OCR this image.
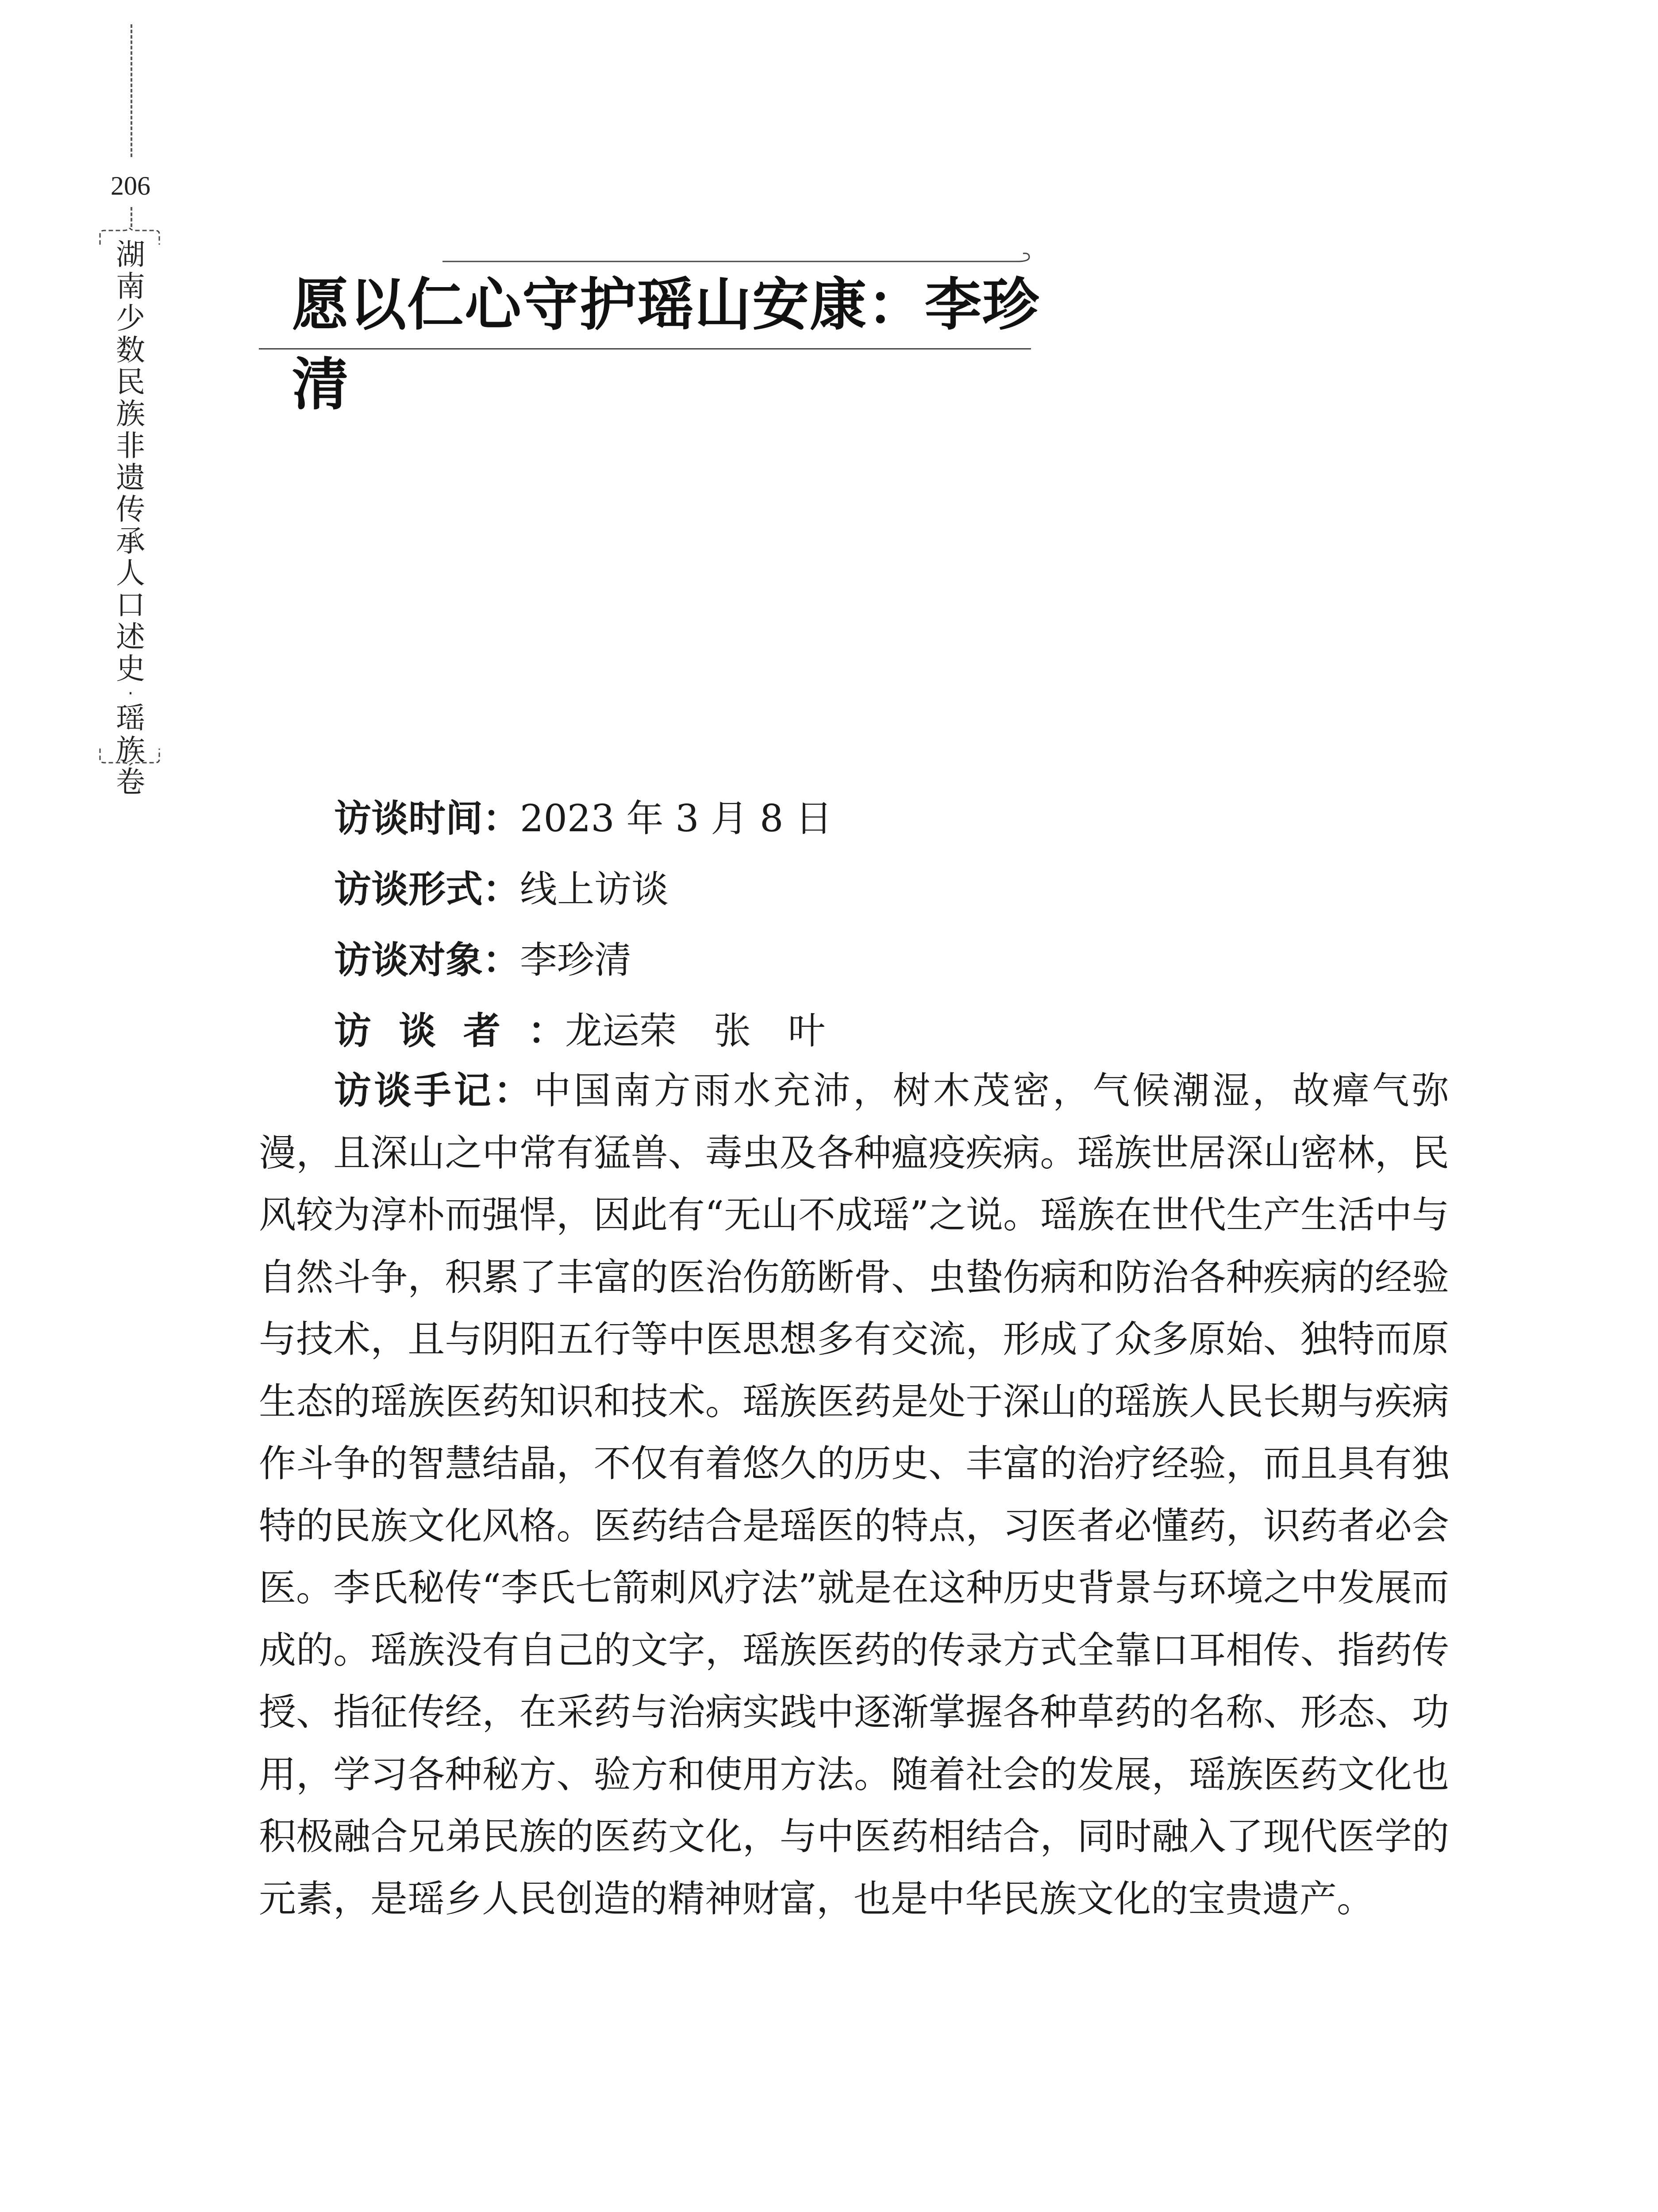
206
湖
南
少
数
民
族
非
遗
传
承
人
口
述
史
·
瑶
族
卷
愿以仁心守护瑶山安康：李珍清
访谈时间：2023 年 3 月 8 日
访谈形式：线上访谈
访谈对象：李珍清
访谈者：龙运荣　张　叶
访谈手记：中国南方雨水充沛，树木茂密，气候潮湿，故瘴气弥漫，且深山之中常有猛兽、毒虫及各种瘟疫疾病。瑶族世居深山密林，民风较为淳朴而强悍，因此有“无山不成瑶”之说。瑶族在世代生产生活中与自然斗争，积累了丰富的医治伤筋断骨、虫蛰伤病和防治各种疾病的经验与技术，且与阴阳五行等中医思想多有交流，形成了众多原始、独特而原生态的瑶族医药知识和技术。瑶族医药是处于深山的瑶族人民长期与疾病作斗争的智慧结晶，不仅有着悠久的历史、丰富的治疗经验，而且具有独特的民族文化风格。医药结合是瑶医的特点，习医者必懂药，识药者必会医。李氏秘传“李氏七箭刺风疗法”就是在这种历史背景与环境之中发展而成的。瑶族没有自己的文字，瑶族医药的传录方式全靠口耳相传、指药传授、指征传经，在采药与治病实践中逐渐掌握各种草药的名称、形态、功用，学习各种秘方、验方和使用方法。随着社会的发展，瑶族医药文化也积极融合兄弟民族的医药文化，与中医药相结合，同时融入了现代医学的元素，是瑶乡人民创造的精神财富，也是中华民族文化的宝贵遗产。
